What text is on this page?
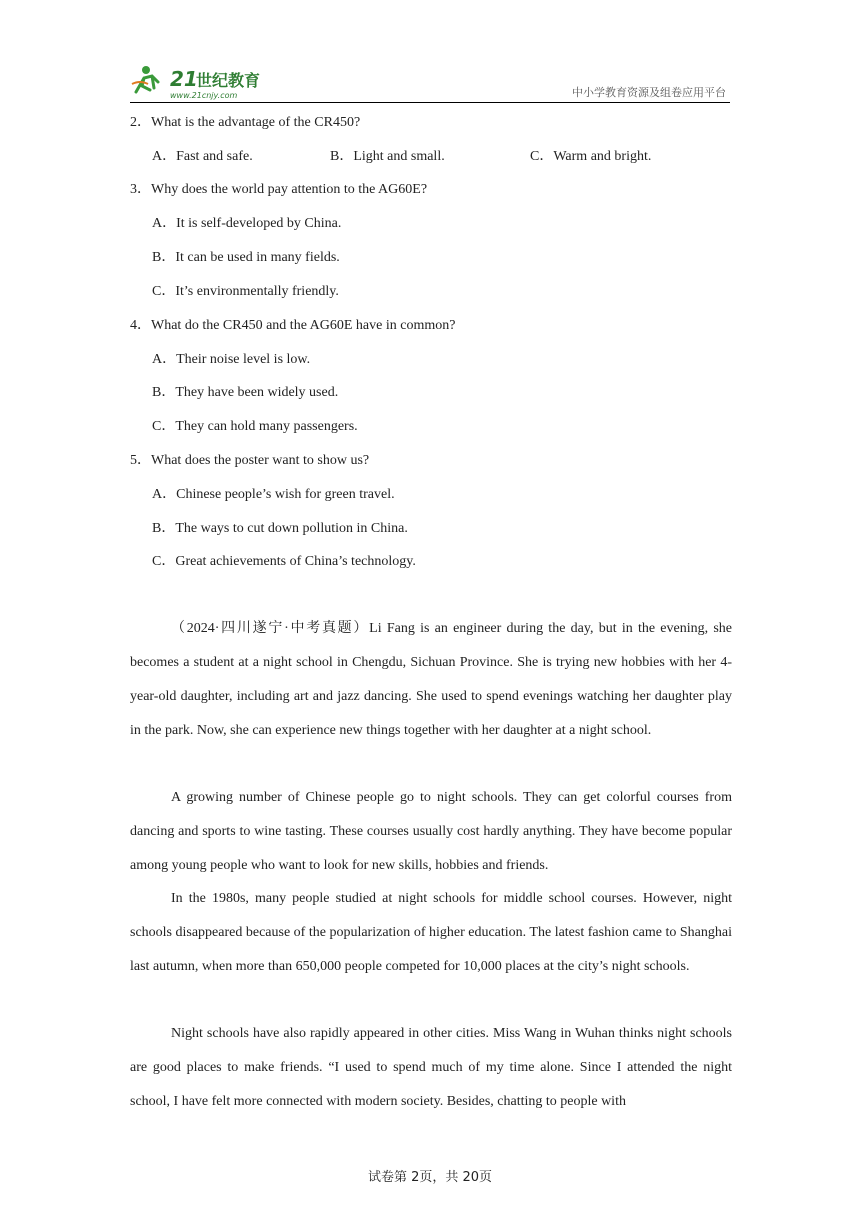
21
世纪教育
www.21cnjy.com	中小学教育资源及组卷应用平台
2．What is the advantage of the CR450?
A．Fast and safe.	B．Light and small.	C．Warm and bright.
3．Why does the world pay attention to the AG60E?
A．It is self-developed by China.
B．It can be used in many fields.
C．It’s environmentally friendly.
4．What do the CR450 and the AG60E have in common?
A．Their noise level is low.
B．They have been widely used.
C．They can hold many passengers.
5．What does the poster want to show us?
A．Chinese people’s wish for green travel.
B．The ways to cut down pollution in China.
C．Great achievements of China’s technology.

（2024·四川遂宁·中考真题）Li Fang is an engineer during the day, but in the evening, she becomes a student at a night school in Chengdu, Sichuan Province. She is trying new hobbies with her 4-year-old daughter, including art and jazz dancing. She used to spend evenings watching her daughter play in the park. Now, she can experience new things together with her daughter at a night school.

A growing number of Chinese people go to night schools. They can get colorful courses from dancing and sports to wine tasting. These courses usually cost hardly anything. They have become popular among young people who want to look for new skills, hobbies and friends.

In the 1980s, many people studied at night schools for middle school courses. However, night schools disappeared because of the popularization of higher education. The latest fashion came to Shanghai last autumn, when more than 650,000 people competed for 10,000 places at the city’s night schools.

Night schools have also rapidly appeared in other cities. Miss Wang in Wuhan thinks night schools are good places to make friends. “I used to spend much of my time alone. Since I attended the night school, I have felt more connected with modern society. Besides, chatting to people with

试卷第 2页，共 20页
